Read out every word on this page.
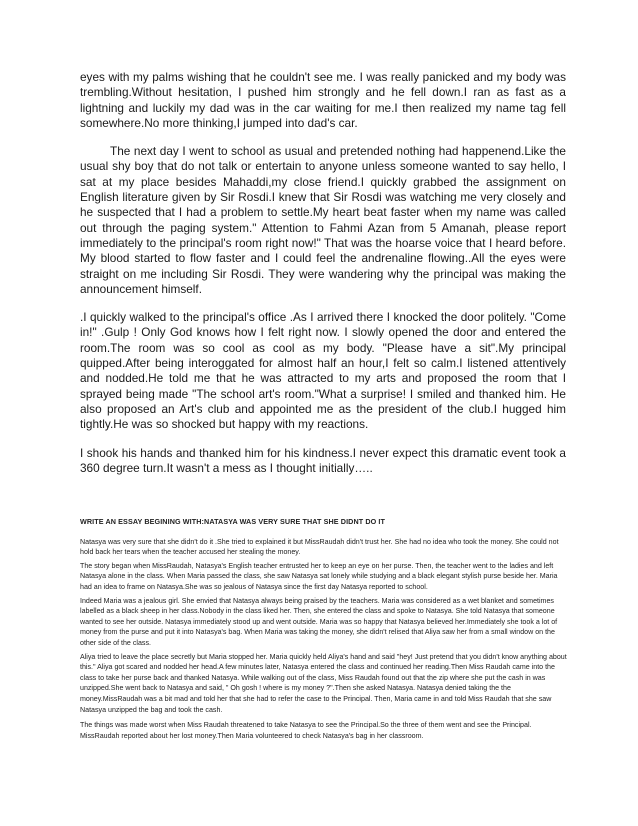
eyes with my palms wishing that he couldn't see me. I was really panicked and my body was trembling.Without hesitation, I pushed him strongly and he fell down.I ran as fast as a lightning and luckily my dad was in the car waiting for me.I then realized my name tag fell somewhere.No more thinking,I jumped into dad's car.

The next day I went to school as usual and pretended nothing had happenend.Like the usual shy boy that do not talk or entertain to anyone unless someone wanted to say hello, I sat at my place besides Mahaddi,my close friend.I quickly grabbed the assignment on English literature given by Sir Rosdi.I knew that Sir Rosdi was watching me very closely and he suspected that I had a problem to settle.My heart beat faster when my name was called out through the paging system." Attention to Fahmi Azan from 5 Amanah, please report immediately to the principal's room right now!" That was the hoarse voice that I heard before. My blood started to flow faster and I could feel the andrenaline flowing..All the eyes were straight on me including Sir Rosdi. They were wandering why the principal was making the announcement himself.

.I quickly walked to the principal's office .As I arrived there I knocked the door politely. "Come in!" .Gulp ! Only God knows how I felt right now. I slowly opened the door and entered the room.The room was so cool as cool as my body. "Please have a sit".My principal quipped.After being interoggated for almost half an hour,I felt so calm.I listened attentively and nodded.He told me that he was attracted to my arts and proposed the room that I sprayed being made "The school art's room."What a surprise! I smiled and thanked him. He also proposed an Art's club and appointed me as the president of the club.I hugged him tightly.He was so shocked but happy with my reactions.

I shook his hands and thanked him for his kindness.I never expect this dramatic event took a 360 degree turn.It wasn't a mess as I thought initially…..

WRITE AN ESSAY BEGINING WITH:NATASYA WAS VERY SURE THAT SHE DIDNT DO IT

Natasya was very sure that she didn't do it .She tried to explained it but MissRaudah didn't trust her. She had no idea who took the money. She could not hold back her tears when the teacher accused her stealing the money.

The story began when MissRaudah, Natasya's English teacher entrusted her to keep an eye on her purse. Then, the teacher went to the ladies and left Natasya alone in the class. When Maria passed the class, she saw Natasya sat lonely while studying and a black elegant stylish purse beside her. Maria had an idea to frame on Natasya.She was so jealous of Natasya since the first day Natasya reported to school.

Indeed Maria was a jealous girl. She envied that Natasya always being praised by the teachers. Maria was considered as a wet blanket and sometimes labelled as a black sheep in her class.Nobody in the class liked her. Then, she entered the class and spoke to Natasya. She told Natasya that someone wanted to see her outside. Natasya immediately stood up and went outside. Maria was so happy that Natasya believed her.Immediately she took a lot of money from the purse and put it into Natasya's bag. When Maria was taking the money, she didn't relised that Aliya saw her from a small window on the other side of the class.

Aliya tried to leave the place secretly but Maria stopped her. Maria quickly held Aliya's hand and said "hey! Just pretend that you didn't know anything about this." Aliya got scared and nodded her head.A few minutes later, Natasya entered the class and continued her reading.Then Miss Raudah came into the class to take her purse back and thanked Natasya. While walking out of the class, Miss Raudah found out that the zip where she put the cash in was unzipped.She went back to Natasya and said, " Oh gosh ! where is my money ?".Then she asked Natasya. Natasya denied taking the the money.MissRaudah was a bit mad and told her that she had to refer the case to the Principal. Then, Maria came in and told Miss Raudah that she saw Natasya unzipped the bag and took the cash.

The things was made worst when Miss Raudah threatened to take Natasya to see the Principal.So the three of them went and see the Principal. MissRaudah reported about her lost money.Then Maria volunteered to check Natasya's bag in her classroom.
